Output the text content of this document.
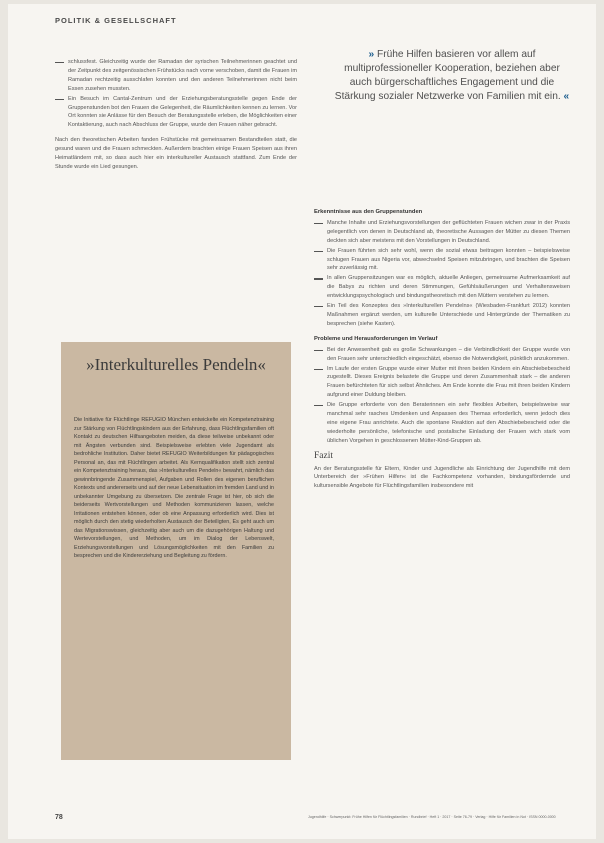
POLITIK & GESELLSCHAFT
schlussfest. Gleichzeitig wurde der Ramadan der syrischen Teilnehmerinnen geachtet und der Zeitpunkt des zeitgenössischen Frühstücks nach vorne verschoben, damit die Frauen im Ramadan rechtzeitig ausschlafen konnten und den anderen Teilnehmerinnen nicht beim Essen zusehen mussten.
Ein Besuch im Cantal-Zentrum und der Erziehungsberatungsstelle gegen Ende der Gruppenstunden bot den Frauen die Gelegenheit, die Räumlichkeiten kennen zu lernen. Vor Ort konnten sie Anlässe für den Besuch der Beratungsstelle erleben, die Möglichkeiten einer Kontaktierung, auch nach Abschluss der Gruppe, wurde den Frauen näher gebracht.

Nach den theoretischen Arbeiten fanden Frühstücke mit gemeinsamen Bestandteilen statt, die gesund waren und die Frauen schmeckten. Außerdem brachten einige Frauen Speisen aus ihren Heimatländern mit, so dass auch hier ein interkultureller Austausch stattfand. Zum Ende der Stunde wurde ein Lied gesungen.

» Frühe Hilfen basieren vor allem auf multiprofessioneller Kooperation, beziehen aber auch bürgerschaftliches Engagement und die Stärkung sozialer Netzwerke von Familien mit ein. «
Erkenntnisse aus den Gruppenstunden
Manche Inhalte und Erziehungsvorstellungen der geflüchteten Frauen wichen zwar in der Praxis gelegentlich von denen in Deutschland ab, theoretische Aussagen der Mütter zu diesen Themen deckten sich aber meistens mit den Vorstellungen in Deutschland.
Die Frauen führten sich sehr wohl, wenn die sozial etwas beitragen konnten – beispielsweise schlugen Frauen aus Nigeria vor, abwechselnd Speisen mitzubringen, und brachten die Speisen sehr zuverlässig mit.
In allen Gruppensitzungen war es möglich, aktuelle Anliegen, gemeinsame Aufmerksamkeit auf die Babys zu richten und deren Stimmungen, Gefühlsäußerungen und Verhaltensweisen entwicklungspsychologisch und bindungstheoretisch mit den Müttern verstehen zu lernen.
Ein Teil des Konzeptes des »Interkulturellen Pendelns« (Wiesbaden-Frankfurt 2012) konnten Maßnahmen ergänzt werden, um kulturelle Unterschiede und Hintergründe der Thematiken zu besprechen (siehe Kasten).
Probleme und Herausforderungen im Verlauf
Bei der Anwesenheit gab es große Schwankungen – die Verbindlichkeit der Gruppe wurde von den Frauen sehr unterschiedlich eingeschätzt, ebenso die Notwendigkeit, pünktlich anzukommen.
Im Laufe der ersten Gruppe wurde einer Mutter mit ihren beiden Kindern ein Abschiebebescheid zugestellt. Dieses Ereignis belastete die Gruppe und deren Zusammenhalt stark – die anderen Frauen befürchteten für sich selbst Ähnliches. Am Ende konnte die Frau mit ihren beiden Kindern aufgrund einer Duldung bleiben.
Die Gruppe erforderte von den Beraterinnen ein sehr flexibles Arbeiten, beispielsweise war manchmal sehr rasches Umdenken und Anpassen des Themas erforderlich, wenn jedoch dies eine eigene Frau anrichtete. Auch die spontane Reaktion auf den Abschiebebescheid oder die wiederholte persönliche, telefonische und postalische Einladung der Frauen wich stark vom üblichen Vorgehen in geschlossenen Mütter-Kind-Gruppen ab.
Fazit

An der Beratungsstelle für Eltern, Kinder und Jugendliche als Einrichtung der Jugendhilfe mit dem Unterbereich der »Frühen Hilfen« ist die Fachkompetenz vorhanden, bindungsfördernde und kultursensible Angebote für Flüchtlingsfamilien insbesondere mit

»Interkulturelles Pendeln«

Die Initiative für Flüchtlinge REFUGIO München entwickelte ein Kompetenztraining zur Stärkung von Flüchtlingskindern aus der Erfahrung, dass Flüchtlingsfamilien oft Kontakt zu deutschen Hilfsangeboten meiden, da diese teilweise unbekannt oder mit Ängsten verbunden sind. Beispielsweise erlebten viele Jugendamt als bedrohliche Institution. Daher bietet REFUGIO Weiterbildungen für pädagogisches Personal an, das mit Flüchtlingen arbeitet. Als Kernqualifikation stellt sich zentral ein Kompetenztraining heraus, das »Interkulturelles Pendeln« bewahrt, nämlich das gewinnbringende Zusammenspiel, Aufgaben und Rollen des eigenen beruflichen Kontexts und andererseits und auf der neue Lebensituation im fremden Land und in unbekannter Umgebung zu übersetzen. Die zentrale Frage ist hier, ob sich die beiderseits Wertvorstellungen und Methoden kommunizieren lassen, welche Irritationen entstehen können, oder ob eine Anpassung erforderlich wird. Dies ist möglich durch den stetig wiederholten Austausch der Beteiligten, Es geht auch um das Migrationswissen, gleichzeitig aber auch um die dazugehörigen Haltung und Wertevorstellungen, und Methoden, um im Dialog der Lebenswelt, Erziehungsvorstellungen und Lösungsmöglichkeiten mit den Familien zu besprechen und die Kindererziehung und Begleitung zu fördern.

78	Jugendhilfe · Schwerpunkt: Frühe Hilfen für Flüchtlingsfamilien · Rundbrief · Heft 1 · 2017 · Seite 76-79 · Verlag · Hilfe für Familien in Not · ISSN 0000-0000
